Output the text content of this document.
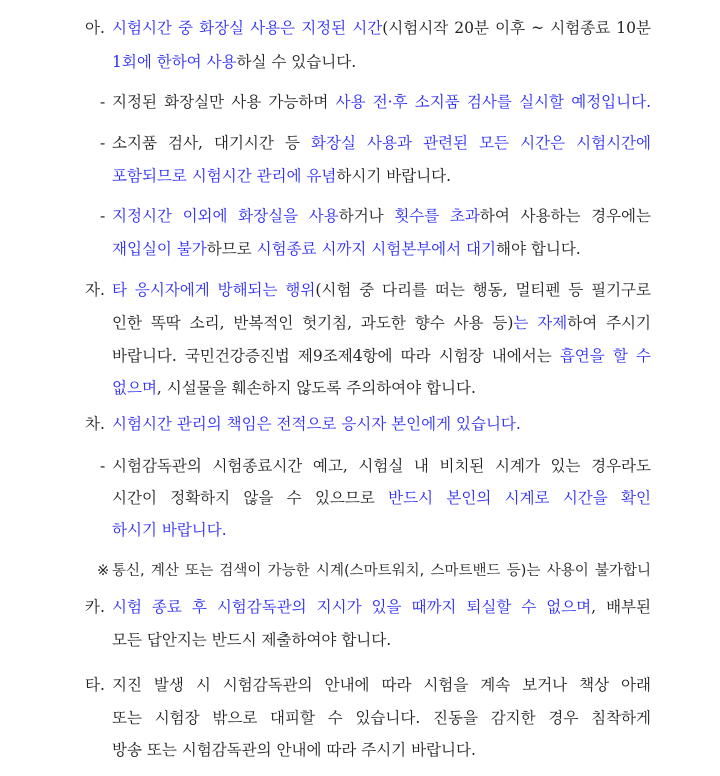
아. 시험시간 중 화장실 사용은 지정된 시간(시험시작 20분 이후 ~ 시험종료 10분
1회에 한하여 사용하실 수 있습니다.
- 지정된 화장실만 사용 가능하며 사용 전·후 소지품 검사를 실시할 예정입니다.
- 소지품 검사, 대기시간 등 화장실 사용과 관련된 모든 시간은 시험시간에
포함되므로 시험시간 관리에 유념하시기 바랍니다.
- 지정시간 이외에 화장실을 사용하거나 횟수를 초과하여 사용하는 경우에는
재입실이 불가하므로 시험종료 시까지 시험본부에서 대기해야 합니다.
자. 타 응시자에게 방해되는 행위(시험 중 다리를 떠는 행동, 멀티펜 등 필기구로
인한 똑딱 소리, 반복적인 헛기침, 과도한 향수 사용 등)는 자제하여 주시기
바랍니다. 국민건강증진법 제9조제4항에 따라 시험장 내에서는 흡연을 할 수
없으며, 시설물을 훼손하지 않도록 주의하여야 합니다.
차. 시험시간 관리의 책임은 전적으로 응시자 본인에게 있습니다.
- 시험감독관의 시험종료시간 예고, 시험실 내 비치된 시계가 있는 경우라도
시간이 정확하지 않을 수 있으므로 반드시 본인의 시계로 시간을 확인
하시기 바랍니다.
※ 통신, 계산 또는 검색이 가능한 시계(스마트워치, 스마트밴드 등)는 사용이 불가합니
카. 시험 종료 후 시험감독관의 지시가 있을 때까지 퇴실할 수 없으며, 배부된
모든 답안지는 반드시 제출하여야 합니다.
타. 지진 발생 시 시험감독관의 안내에 따라 시험을 계속 보거나 책상 아래
또는 시험장 밖으로 대피할 수 있습니다. 진동을 감지한 경우 침착하게
방송 또는 시험감독관의 안내에 따라 주시기 바랍니다.
